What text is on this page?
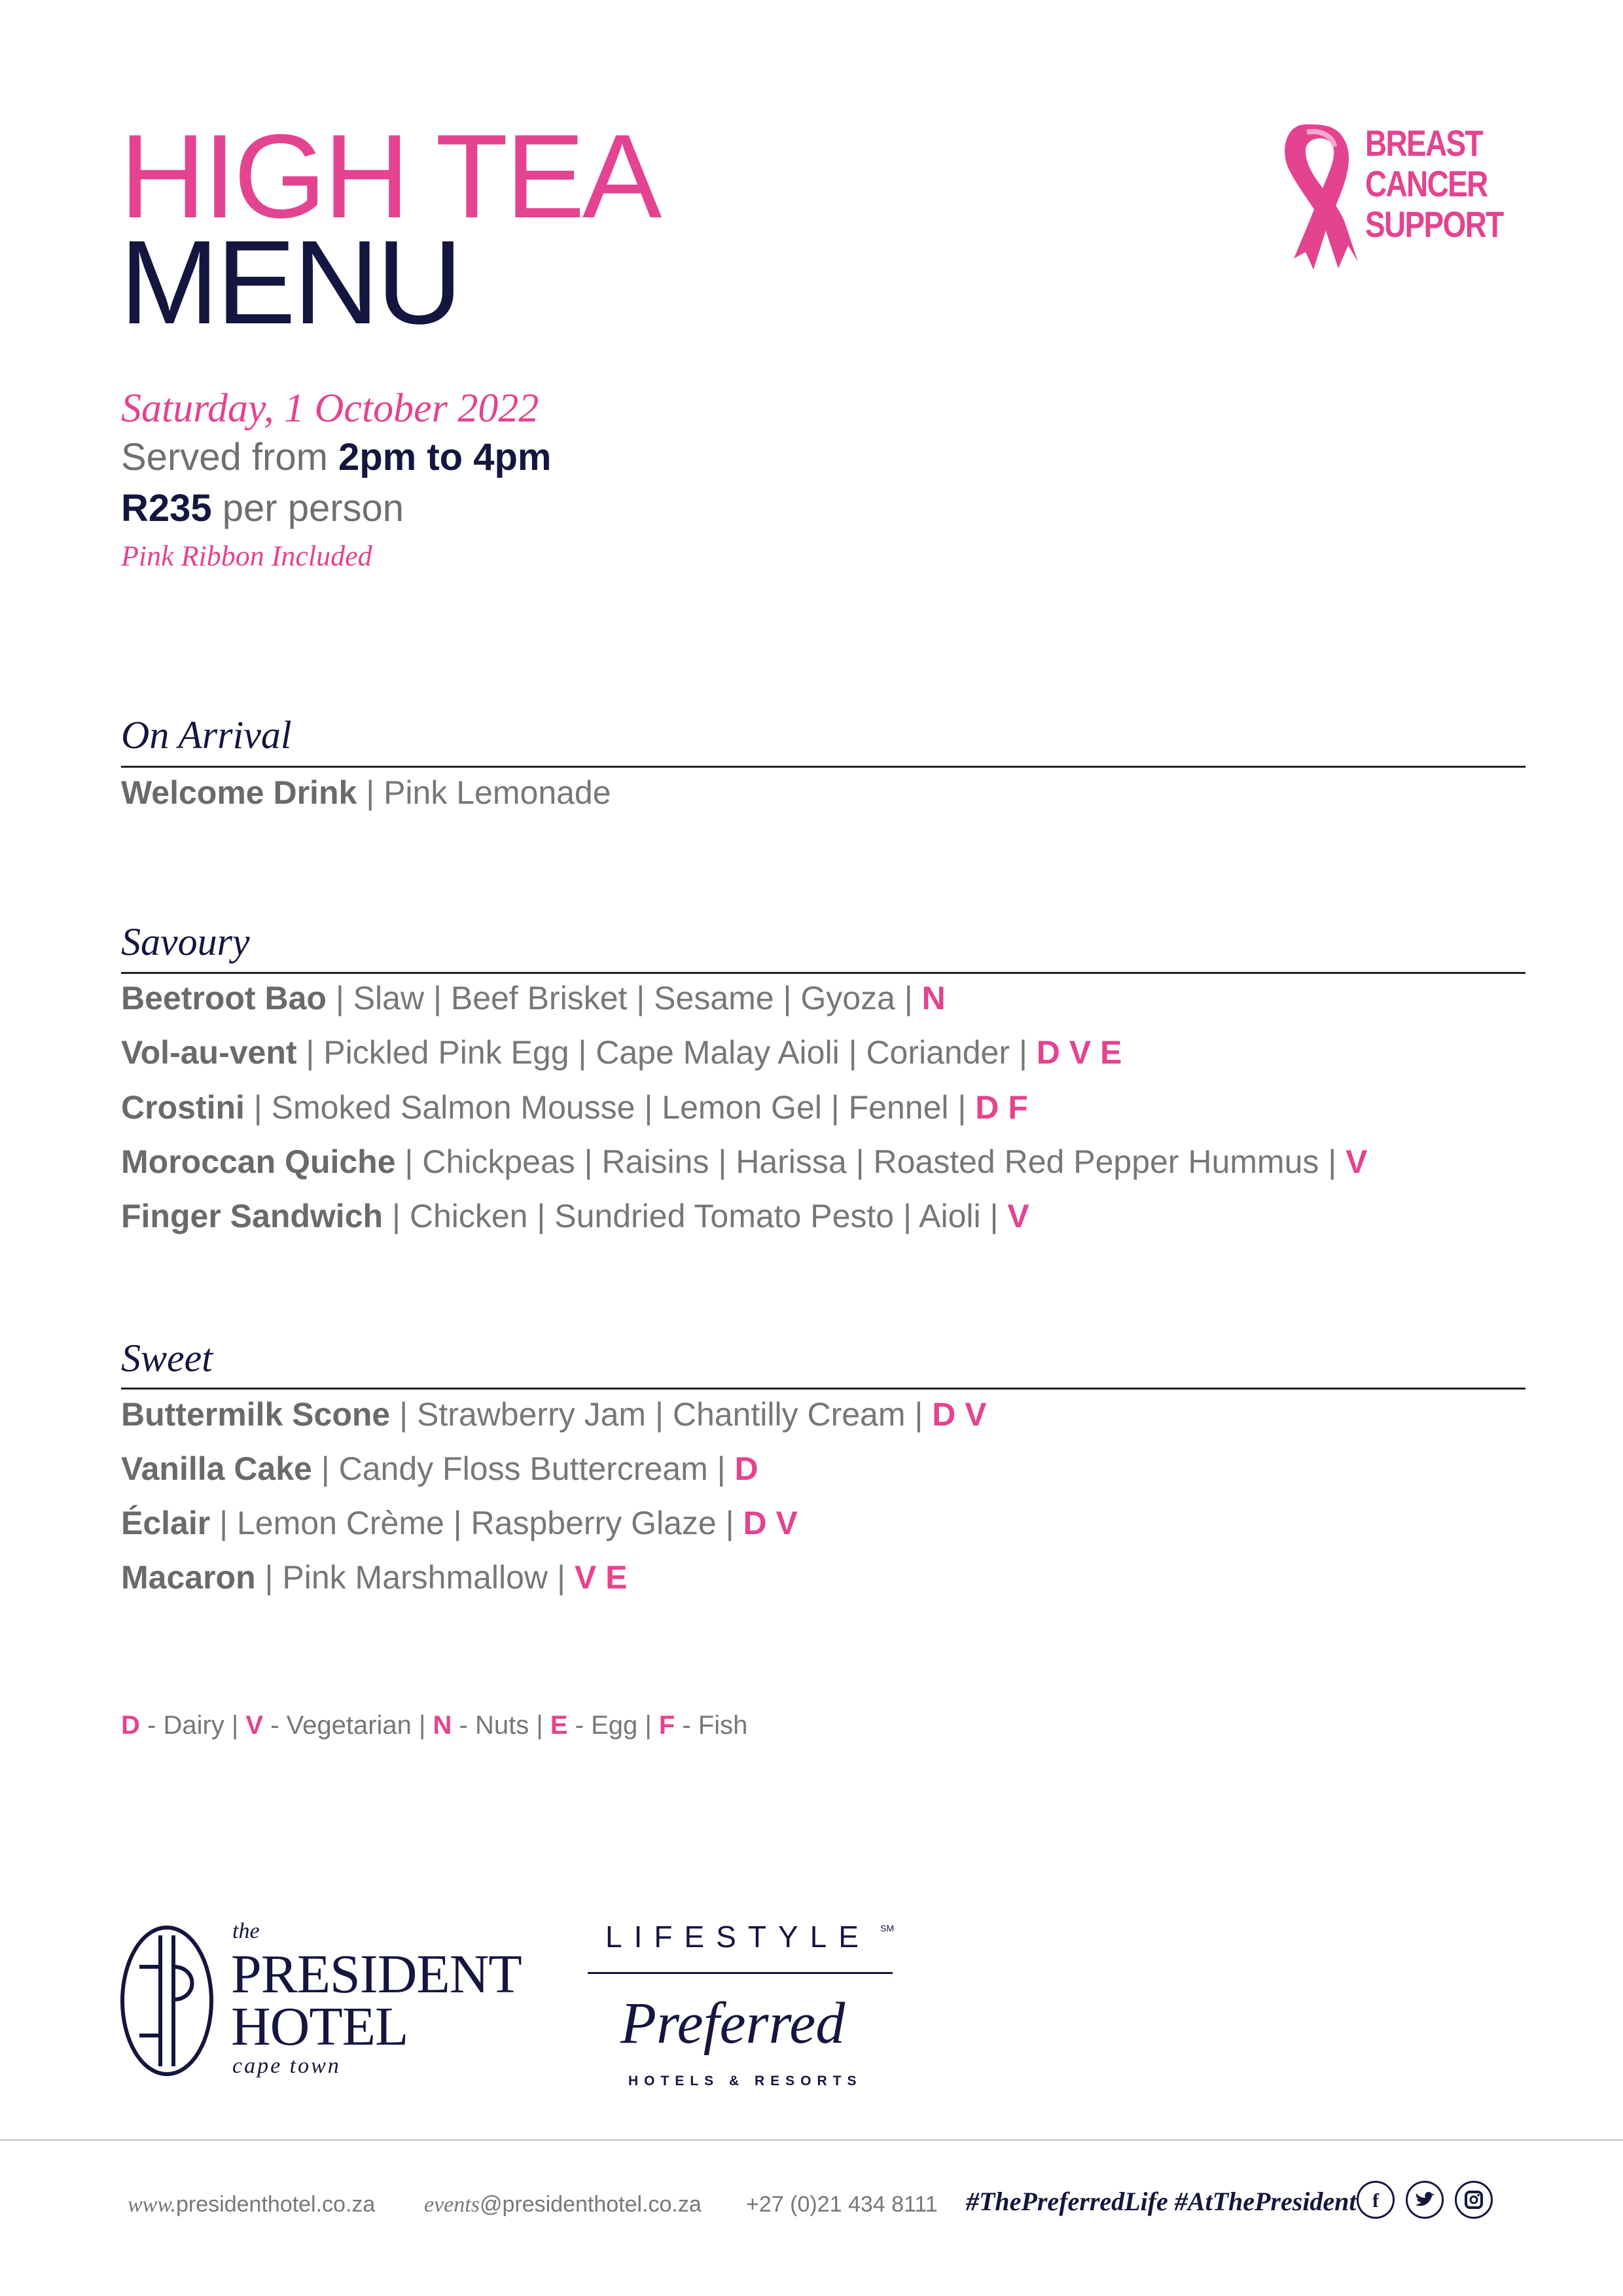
HIGH TEA
MENU
Saturday, 1 October 2022
Served from 2pm to 4pm
R235 per person
Pink Ribbon Included
BREAST
CANCER
SUPPORT
On Arrival
Welcome Drink | Pink Lemonade
Savoury
Beetroot Bao | Slaw | Beef Brisket | Sesame | Gyoza | N
Vol-au-vent | Pickled Pink Egg | Cape Malay Aioli | Coriander | D V E
Crostini | Smoked Salmon Mousse | Lemon Gel | Fennel | D F
Moroccan Quiche | Chickpeas | Raisins | Harissa | Roasted Red Pepper Hummus | V
Finger Sandwich | Chicken | Sundried Tomato Pesto | Aioli | V
Sweet
Buttermilk Scone | Strawberry Jam | Chantilly Cream | D V
Vanilla Cake | Candy Floss Buttercream | D
Éclair | Lemon Crème | Raspberry Glaze | D V
Macaron | Pink Marshmallow | V E
D - Dairy | V - Vegetarian | N - Nuts | E - Egg | F - Fish
the
PRESIDENT
HOTEL
cape town
LIFESTYLE SM
Preferred
HOTELS & RESORTS
www.presidenthotel.co.za events@presidenthotel.co.za +27 (0)21 434 8111 #ThePreferredLife #AtThePresident f
